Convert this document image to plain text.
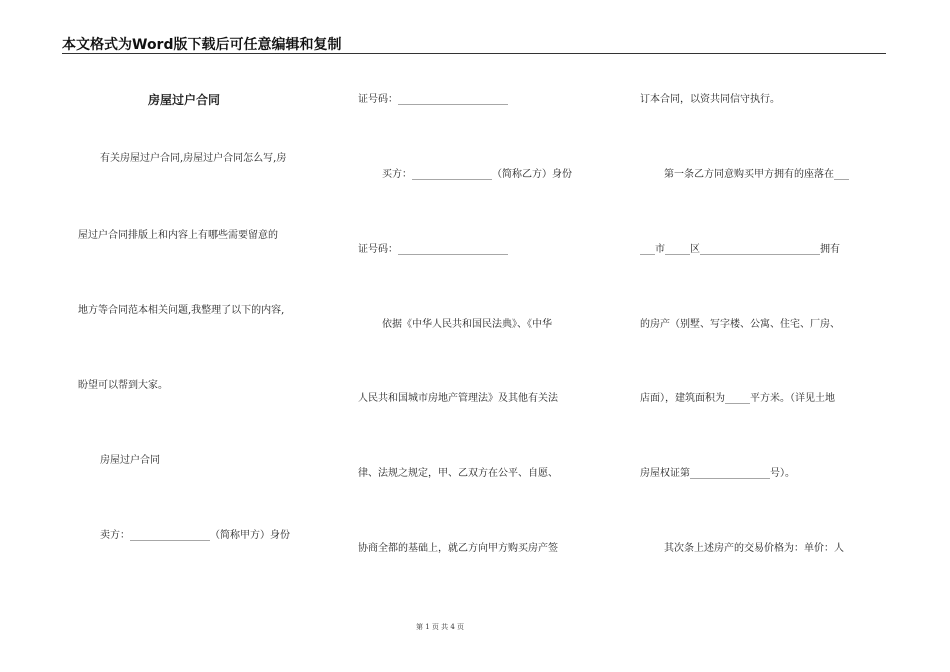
本文格式为Word版下载后可任意编辑和复制
房屋过户合同
有关房屋过户合同,房屋过户合同怎么写,房
屋过户合同排版上和内容上有哪些需要留意的
地方等合同范本相关问题,我整理了以下的内容,
盼望可以帮到大家。
房屋过户合同
卖方：________________（简称甲方）身份
证号码：______________________
买方：________________（简称乙方）身份
证号码：______________________
依据《中华人民共和国民法典》、《中华
人民共和国城市房地产管理法》及其他有关法
律、法规之规定，甲、乙双方在公平、自愿、
协商全都的基础上，就乙方向甲方购买房产签
订本合同，以资共同信守执行。
第一条乙方同意购买甲方拥有的座落在___
___市_____区________________________拥有
的房产（别墅、写字楼、公寓、住宅、厂房、
店面），建筑面积为_____平方米。（详见土地
房屋权证第________________号）。
其次条上述房产的交易价格为：单价：人
第 1 页 共 4 页
